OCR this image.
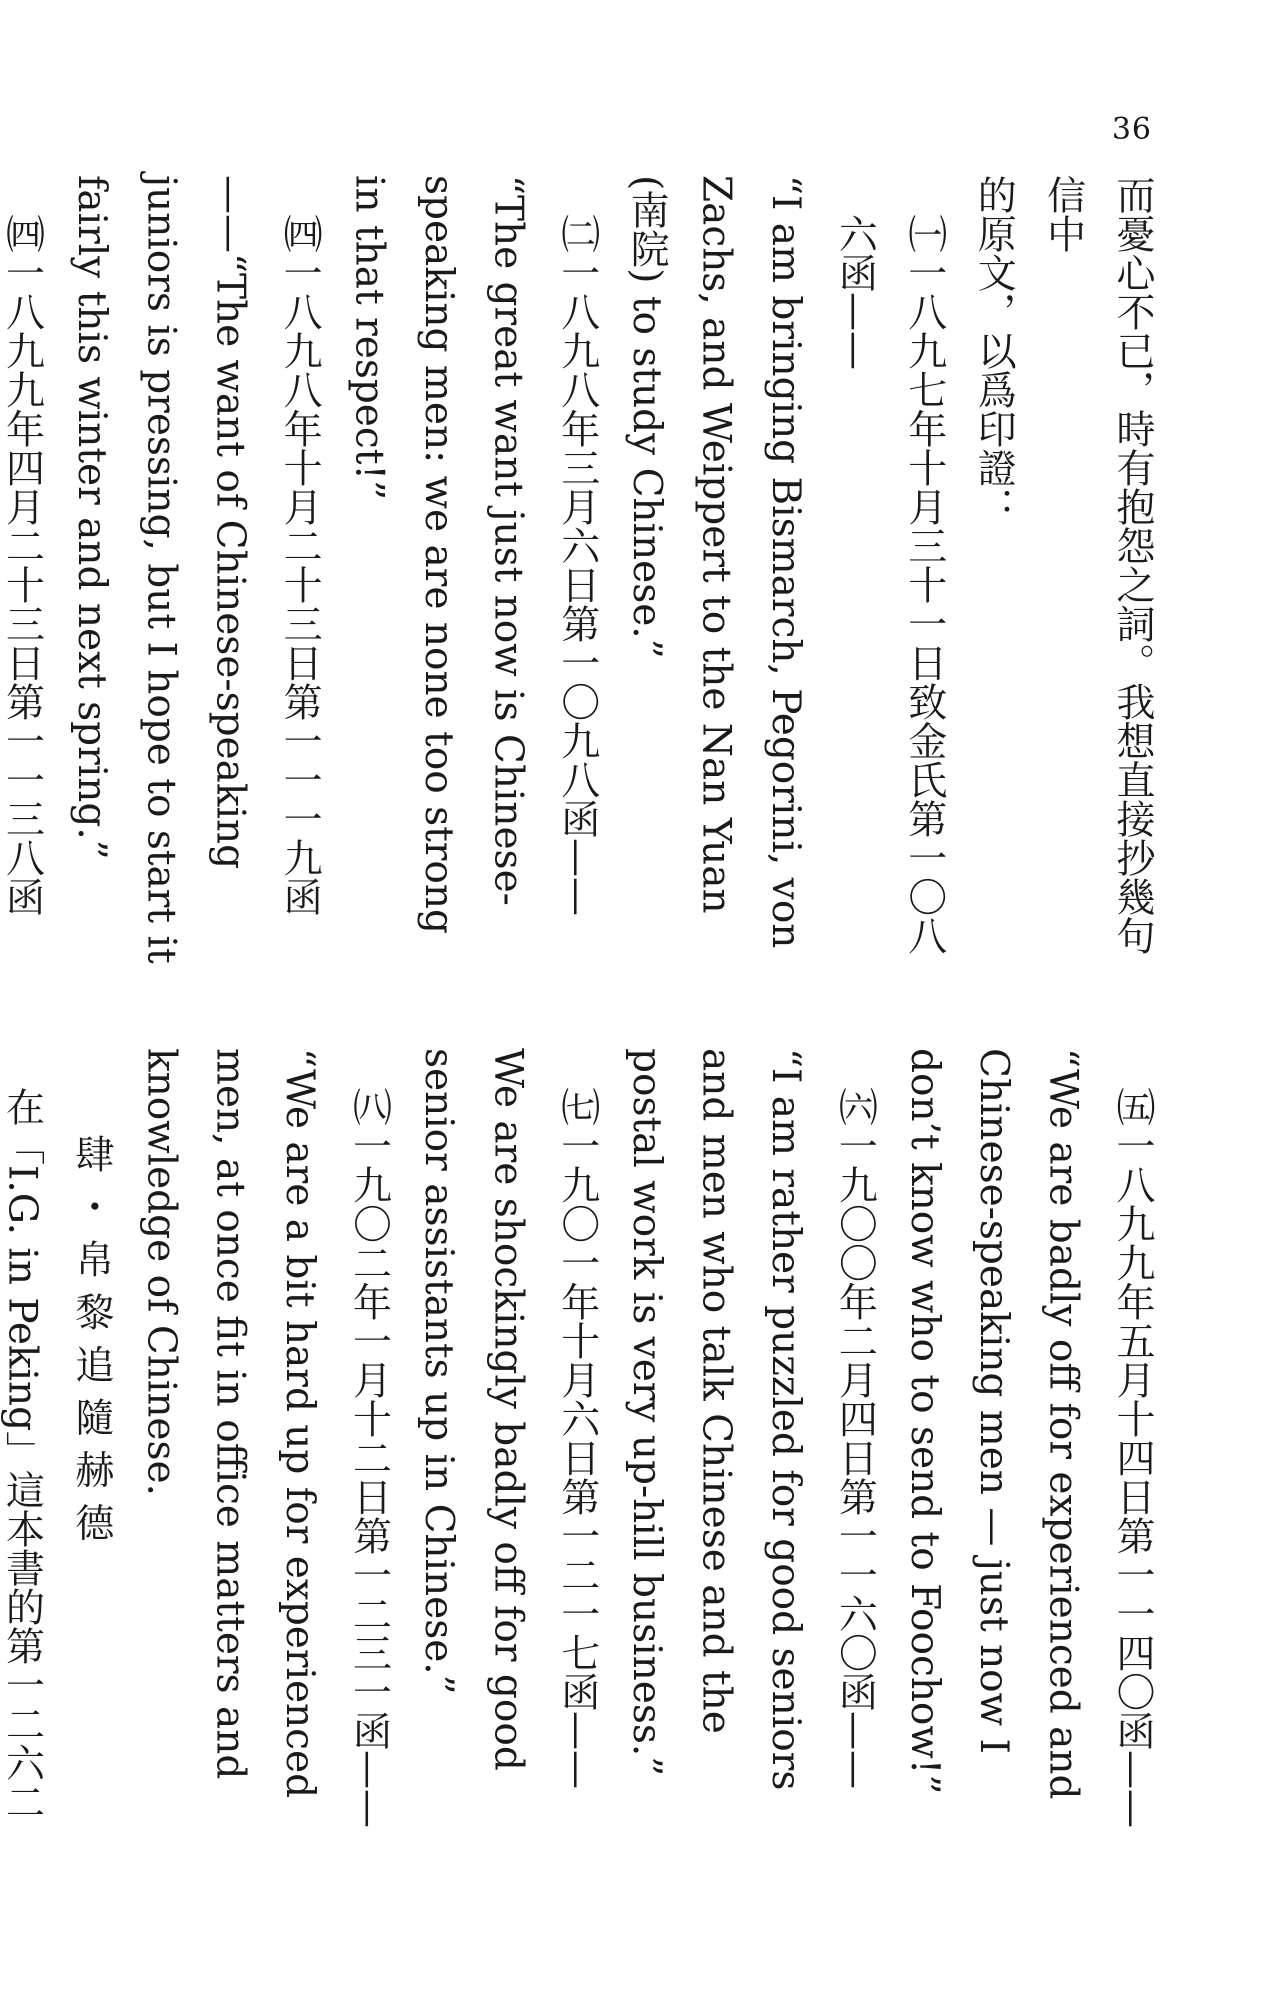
36

而憂心不已，時有抱怨之詞。我想直接抄幾句信中

的原文，以爲印證：

㈠一八九七年十月三十一日致金氏第一〇八六函——

“I am bringing Bismarch, Pegorini, von Zachs, and Weippert to the Nan Yuan (南院) to study Chinese.”

㈡一八九八年三月六日第一〇九八函——

“The great want just now is Chinese-speaking men: we are none too strong in that respect!”

㈣一八九八年十月二十三日第一一一九函

——“The want of Chinese-speaking juniors is pressing, but I hope to start it fairly this winter and next spring.”

㈣一八九九年四月二十三日第一一三八函

㈤一八九九年五月十四日第一一四〇函——

“We are badly off for experienced and Chinese-speaking men — just now I don’t know who to send to Foochow!”

㈥一九〇〇年二月四日第一一六〇函——

“I am rather puzzled for good seniors and men who talk Chinese and the postal work is very up-hill business.”

㈦一九〇一年十月六日第一二一七函——

We are shockingly badly off for good senior assistants up in Chinese.”

㈧一九〇二年一月十二日第一二三一函——

“We are a bit hard up for experienced men, at once fit in office matters and knowledge of Chinese.

肆・帛黎追隨赫德

在「I.G. in Peking」這本書的第一二六二
